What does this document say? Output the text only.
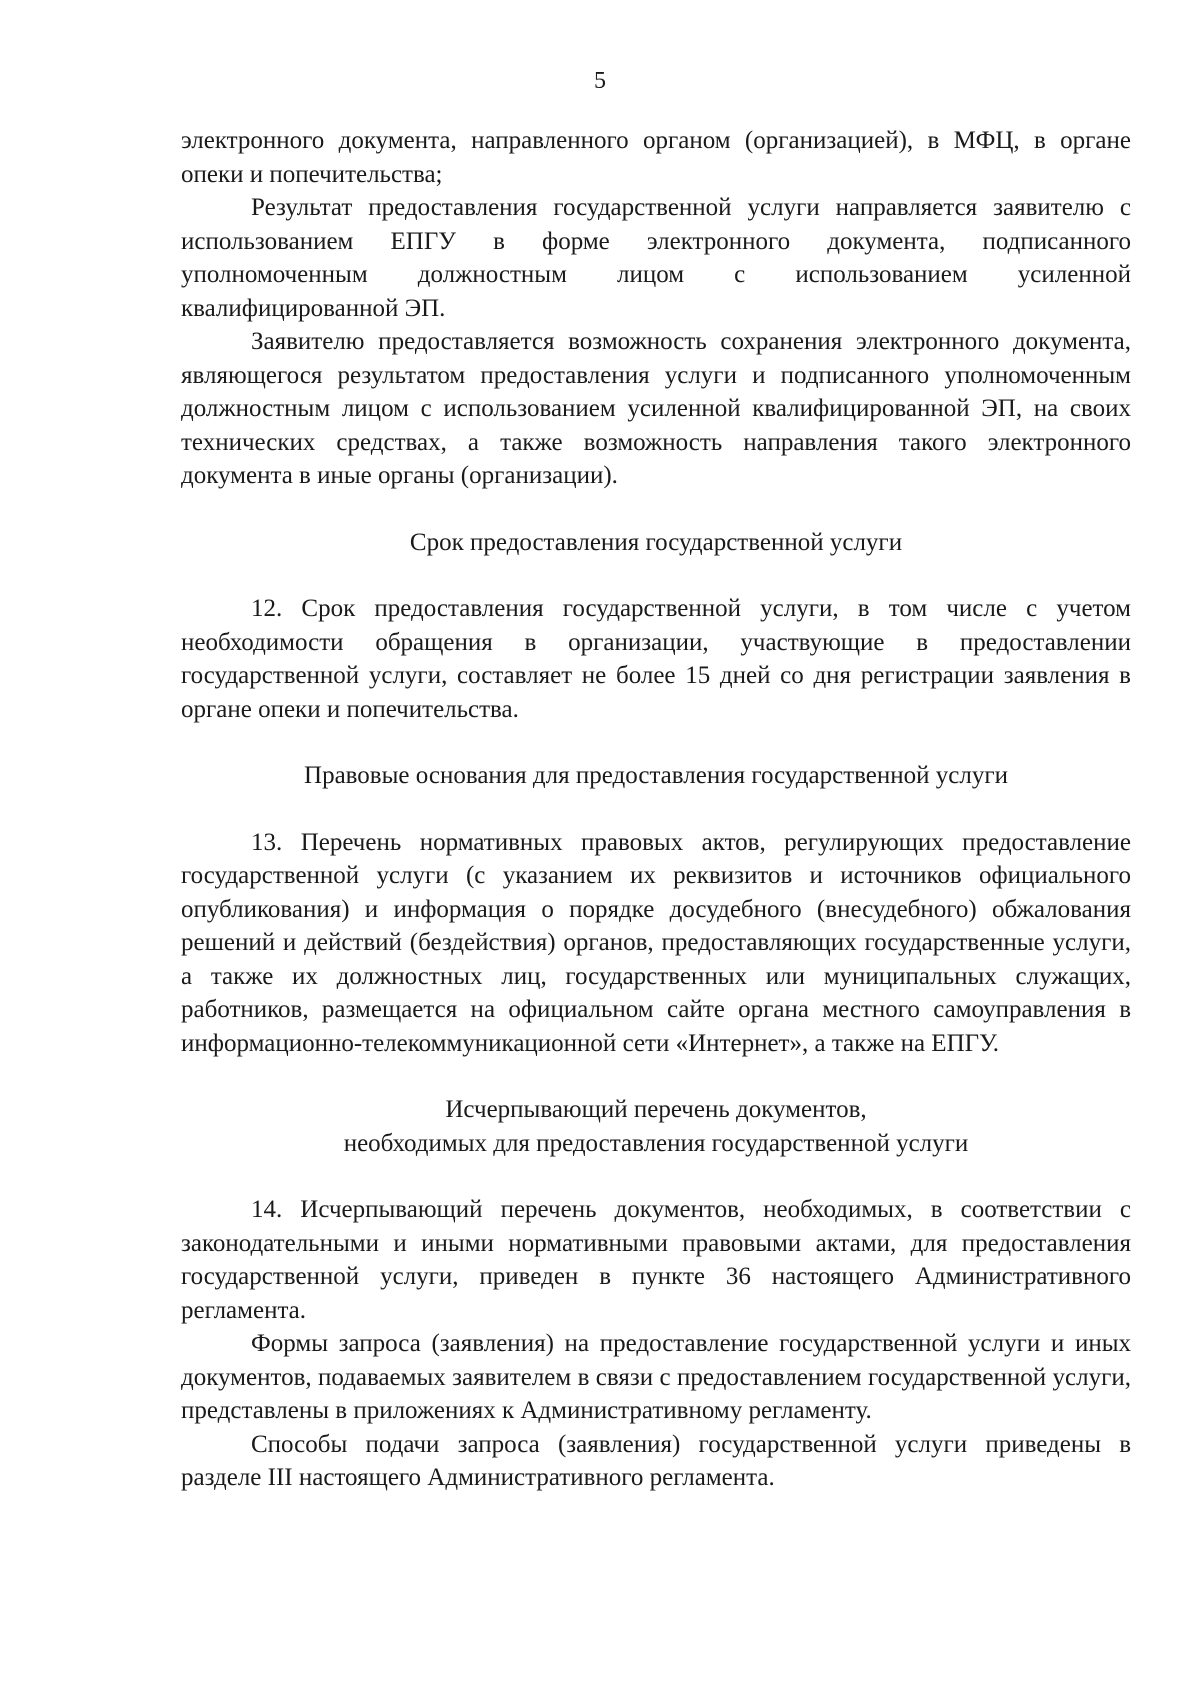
5

электронного документа, направленного органом (организацией), в МФЦ, в органе опеки и попечительства;

Результат предоставления государственной услуги направляется заявителю с использованием ЕПГУ в форме электронного документа, подписанного уполномоченным должностным лицом с использованием усиленной квалифицированной ЭП.

Заявителю предоставляется возможность сохранения электронного документа, являющегося результатом предоставления услуги и подписанного уполномоченным должностным лицом с использованием усиленной квалифицированной ЭП, на своих технических средствах, а также возможность направления такого электронного документа в иные органы (организации).

Срок предоставления государственной услуги

12. Срок предоставления государственной услуги, в том числе с учетом необходимости обращения в организации, участвующие в предоставлении государственной услуги, составляет не более 15 дней со дня регистрации заявления в органе опеки и попечительства.

Правовые основания для предоставления государственной услуги

13. Перечень нормативных правовых актов, регулирующих предоставление государственной услуги (с указанием их реквизитов и источников официального опубликования) и информация о порядке досудебного (внесудебного) обжалования решений и действий (бездействия) органов, предоставляющих государственные услуги, а также их должностных лиц, государственных или муниципальных служащих, работников, размещается на официальном сайте органа местного самоуправления в информационно-телекоммуникационной сети «Интернет», а также на ЕПГУ.

Исчерпывающий перечень документов,

необходимых для предоставления государственной услуги

14. Исчерпывающий перечень документов, необходимых, в соответствии с законодательными и иными нормативными правовыми актами, для предоставления государственной услуги, приведен в пункте 36 настоящего Административного регламента.

Формы запроса (заявления) на предоставление государственной услуги и иных документов, подаваемых заявителем в связи с предоставлением государственной услуги, представлены в приложениях к Административному регламенту.

Способы подачи запроса (заявления) государственной услуги приведены в разделе III настоящего Административного регламента.
